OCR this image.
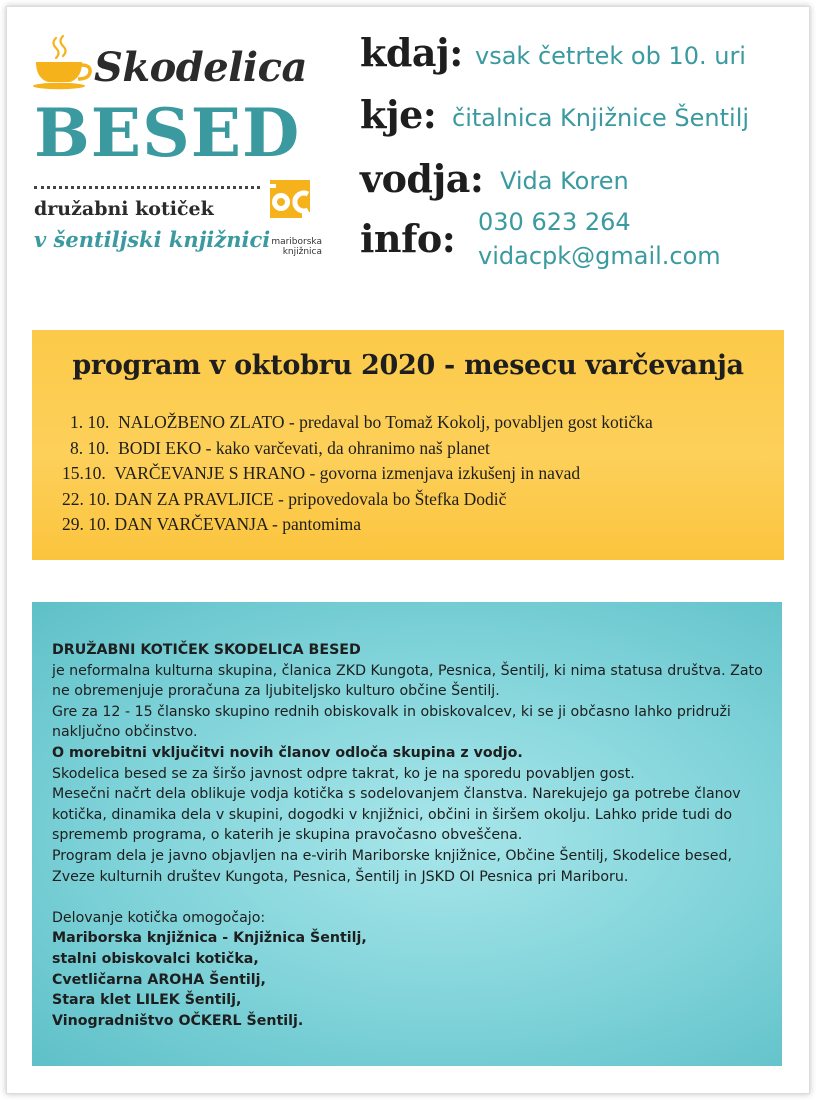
Skodelica
BESED
družabni kotiček
v šentiljski knjižnici mariborska
knjižnica
kdaj: vsak četrtek ob 10. uri
kje: čitalnica Knjižnice Šentilj
vodja: Vida Koren
info: 030 623 264
vidacpk@gmail.com
program v oktobru 2020 - mesecu varčevanja
1. 10. NALOŽBENO ZLATO - predaval bo Tomaž Kokolj, povabljen gost kotička
8. 10. BODI EKO - kako varčevati, da ohranimo naš planet
15.10. VARČEVANJE S HRANO - govorna izmenjava izkušenj in navad
22. 10. DAN ZA PRAVLJICE - pripovedovala bo Štefka Dodič
29. 10. DAN VARČEVANJA - pantomima

DRUŽABNI KOTIČEK SKODELICA BESED

je neformalna kulturna skupina, članica ZKD Kungota, Pesnica, Šentilj, ki nima statusa društva. Zato ne obremenjuje proračuna za ljubiteljsko kulturo občine Šentilj.

Gre za 12 - 15 člansko skupino rednih obiskovalk in obiskovalcev, ki se ji občasno lahko pridruži naključno občinstvo.

O morebitni vključitvi novih članov odloča skupina z vodjo.

Skodelica besed se za širšo javnost odpre takrat, ko je na sporedu povabljen gost.

Mesečni načrt dela oblikuje vodja kotička s sodelovanjem članstva. Narekujejo ga potrebe članov kotička, dinamika dela v skupini, dogodki v knjižnici, občini in širšem okolju. Lahko pride tudi do sprememb programa, o katerih je skupina pravočasno obveščena.

Program dela je javno objavljen na e-virih Mariborske knjižnice, Občine Šentilj, Skodelice besed, Zveze kulturnih društev Kungota, Pesnica, Šentilj in JSKD OI Pesnica pri Mariboru.

Delovanje kotička omogočajo:

Mariborska knjižnica - Knjižnica Šentilj,

stalni obiskovalci kotička,

Cvetličarna AROHA Šentilj,

Stara klet LILEK Šentilj,

Vinogradništvo OČKERL Šentilj.
